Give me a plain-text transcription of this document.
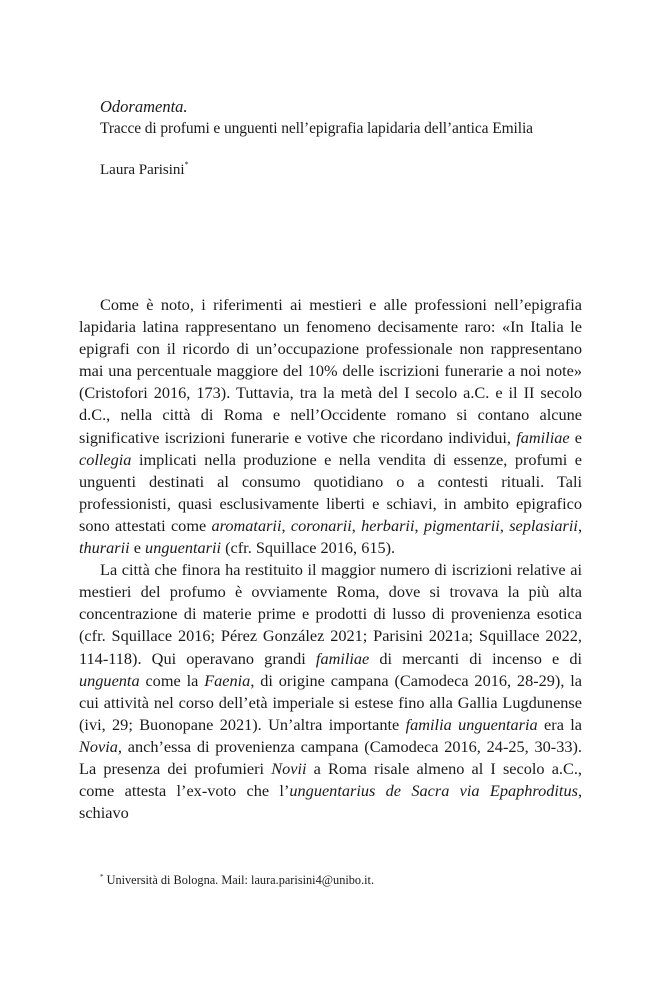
Odoramenta.

Tracce di profumi e unguenti nell’epigrafia lapidaria dell’antica Emilia

Laura Parisini*

Come è noto, i riferimenti ai mestieri e alle professioni nell’epigrafia lapidaria latina rappresentano un fenomeno decisamente raro: «In Italia le epigrafi con il ricordo di un’occupazione professionale non rappresentano mai una percentuale maggiore del 10% delle iscrizioni funerarie a noi note» (Cristofori 2016, 173). Tuttavia, tra la metà del I secolo a.C. e il II secolo d.C., nella città di Roma e nell’Occidente romano si contano alcune significative iscrizioni funerarie e votive che ricordano individui, familiae e collegia implicati nella produzione e nella vendita di essenze, profumi e unguenti destinati al consumo quotidiano o a contesti rituali. Tali professionisti, quasi esclusivamente liberti e schiavi, in ambito epigrafico sono attestati come aromatarii, coronarii, herbarii, pigmentarii, seplasiarii, thurarii e unguentarii (cfr. Squillace 2016, 615).

La città che finora ha restituito il maggior numero di iscrizioni relative ai mestieri del profumo è ovviamente Roma, dove si trovava la più alta concentrazione di materie prime e prodotti di lusso di provenienza esotica (cfr. Squillace 2016; Pérez González 2021; Parisini 2021a; Squillace 2022, 114-118). Qui operavano grandi familiae di mercanti di incenso e di unguenta come la Faenia, di origine campana (Camodeca 2016, 28-29), la cui attività nel corso dell’età imperiale si estese fino alla Gallia Lugdunense (ivi, 29; Buonopane 2021). Un’altra importante familia unguentaria era la Novia, anch’essa di provenienza campana (Camodeca 2016, 24-25, 30-33). La presenza dei profumieri Novii a Roma risale almeno al I secolo a.C., come attesta l’ex-voto che l’unguentarius de Sacra via Epaphroditus, schiavo

* Università di Bologna. Mail: laura.parisini4@unibo.it.
